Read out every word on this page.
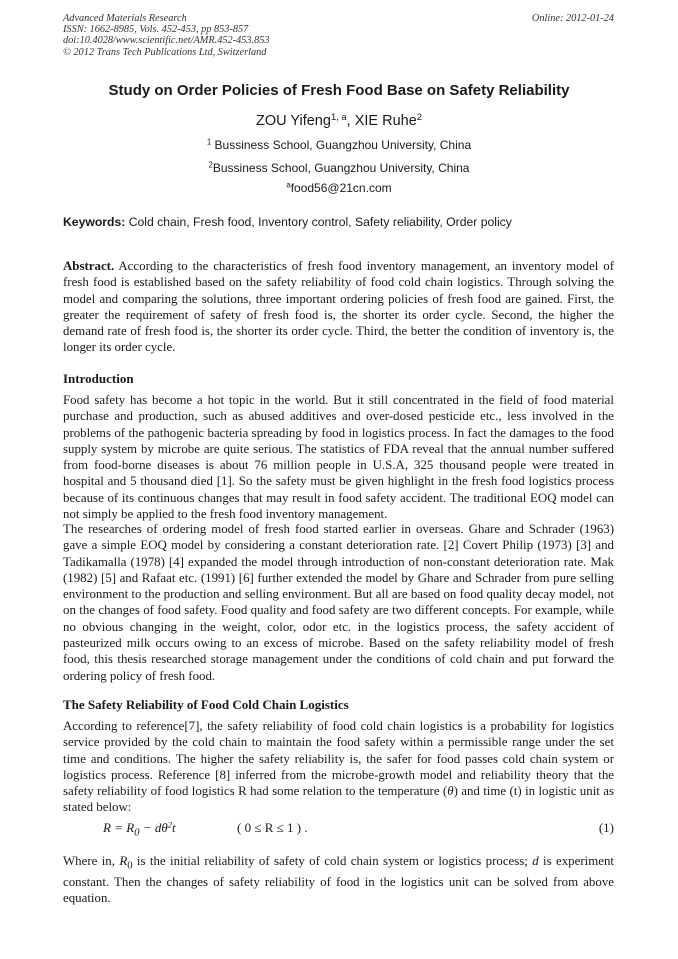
Advanced Materials Research
ISSN: 1662-8985, Vols. 452-453, pp 853-857
doi:10.4028/www.scientific.net/AMR.452-453.853
© 2012 Trans Tech Publications Ltd, Switzerland
Online: 2012-01-24
Study on Order Policies of Fresh Food Base on Safety Reliability
ZOU Yifeng$^{1, a}$, XIE Ruhe$^2$
$^1$ Bussiness School, Guangzhou University, China
$^2$Bussiness School, Guangzhou University, China
$^a$food56@21cn.com
Keywords: Cold chain, Fresh food, Inventory control, Safety reliability, Order policy
Abstract. According to the characteristics of fresh food inventory management, an inventory model of fresh food is established based on the safety reliability of food cold chain logistics. Through solving the model and comparing the solutions, three important ordering policies of fresh food are gained. First, the greater the requirement of safety of fresh food is, the shorter its order cycle. Second, the higher the demand rate of fresh food is, the shorter its order cycle. Third, the better the condition of inventory is, the longer its order cycle.
Introduction
Food safety has become a hot topic in the world. But it still concentrated in the field of food material purchase and production, such as abused additives and over-dosed pesticide etc., less involved in the problems of the pathogenic bacteria spreading by food in logistics process. In fact the damages to the food supply system by microbe are quite serious. The statistics of FDA reveal that the annual number suffered from food-borne diseases is about 76 million people in U.S.A, 325 thousand people were treated in hospital and 5 thousand died [1]. So the safety must be given highlight in the fresh food logistics process because of its continuous changes that may result in food safety accident. The traditional EOQ model can not simply be applied to the fresh food inventory management.
The researches of ordering model of fresh food started earlier in overseas. Ghare and Schrader (1963) gave a simple EOQ model by considering a constant deterioration rate. [2] Covert Philip (1973) [3] and Tadikamalla (1978) [4] expanded the model through introduction of non-constant deterioration rate. Mak (1982) [5] and Rafaat etc. (1991) [6] further extended the model by Ghare and Schrader from pure selling environment to the production and selling environment. But all are based on food quality decay model, not on the changes of food safety. Food quality and food safety are two different concepts. For example, while no obvious changing in the weight, color, odor etc. in the logistics process, the safety accident of pasteurized milk occurs owing to an excess of microbe. Based on the safety reliability model of fresh food, this thesis researched storage management under the conditions of cold chain and put forward the ordering policy of fresh food.
The Safety Reliability of Food Cold Chain Logistics
According to reference[7], the safety reliability of food cold chain logistics is a probability for logistics service provided by the cold chain to maintain the food safety within a permissible range under the set time and conditions. The higher the safety reliability is, the safer for food passes cold chain system or logistics process. Reference [8] inferred from the microbe-growth model and reliability theory that the safety reliability of food logistics R had some relation to the temperature (θ) and time (t) in logistic unit as stated below:
$R = R_0 - d\theta^2t$	( 0 ≤ R ≤ 1 ) .	(1)
Where in, $R_0$ is the initial reliability of safety of cold chain system or logistics process; d is experiment constant. Then the changes of safety reliability of food in the logistics unit can be solved from above equation.
